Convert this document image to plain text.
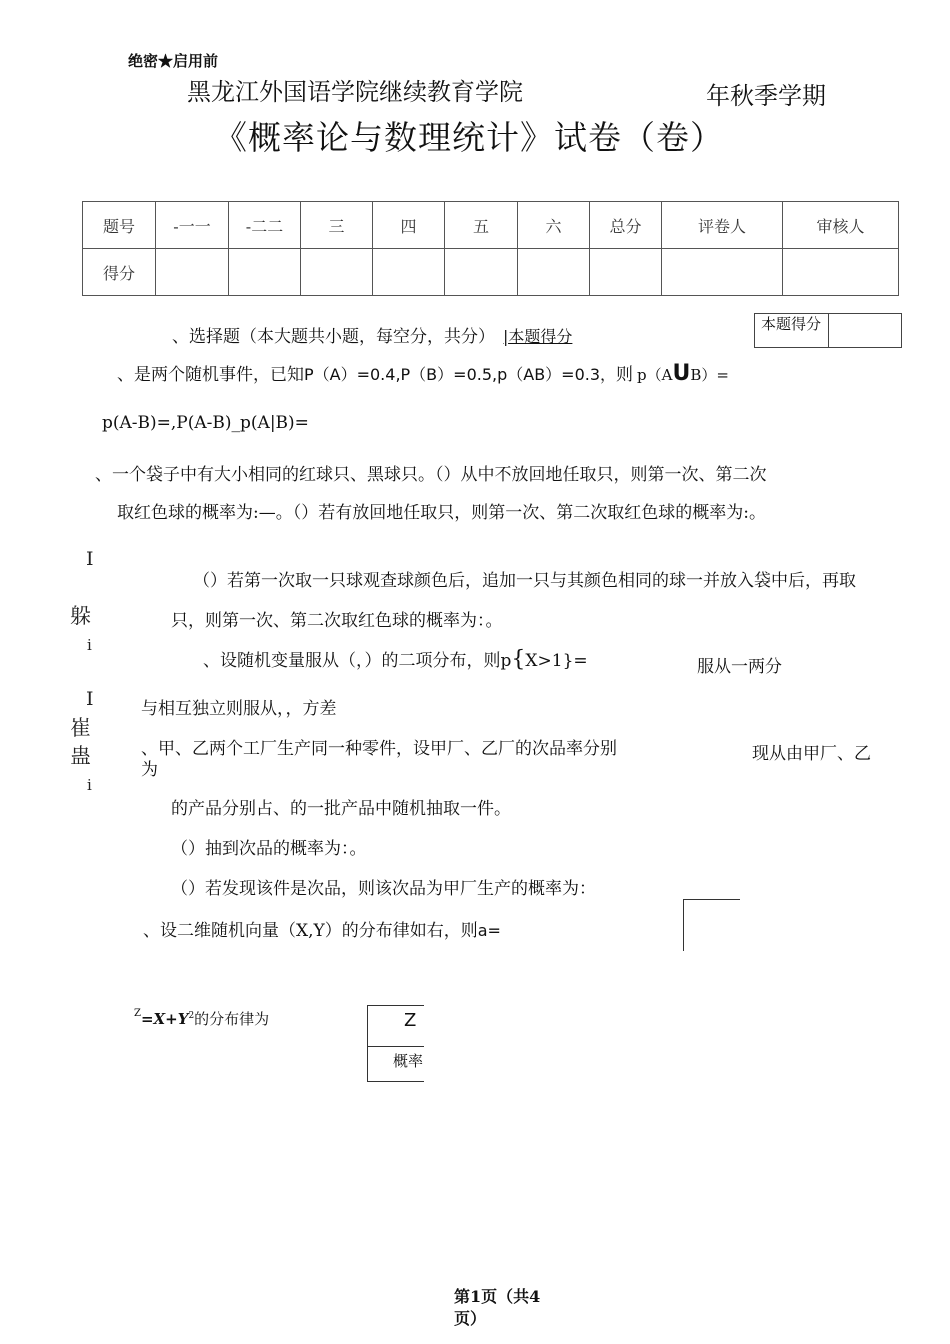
绝密★启用前
黑龙江外国语学院继续教育学院	年秋季学期
《概率论与数理统计》试卷（卷）
题号	-一一	-二二	三	四	五	六	总分	评卷人	审核人
得分									
、选择题（本大题共小题，每空分，共分） |本题得分
本题得分
、是两个随机事件，已知P（A）=0.4,P（B）=0.5,p（AB）=0.3，则 p（AUB）=
p(A-B)=,P(A-B)_p(A|B)=
、一个袋子中有大小相同的红球只、黑球只。（）从中不放回地任取只，则第一次、第二次
取红色球的概率为:—。（）若有放回地任取只，则第一次、第二次取红色球的概率为:。
（）若第一次取一只球观查球颜色后，追加一只与其颜色相同的球一并放入袋中后，再取
只，则第一次、第二次取红色球的概率为：。
、设随机变量服从（，）的二项分布，则p{X>1}=	服从一两分
与相互独立则服从，，方差
、甲、乙两个工厂生产同一种零件，设甲厂、乙厂的次品率分别
为
现从由甲厂、乙
的产品分别占、的一批产品中随机抽取一件。
（）抽到次品的概率为：。
（）若发现该件是次品，则该次品为甲厂生产的概率为：
、设二维随机向量（X,Y）的分布律如右，则a=
$^Z=X+Y^2$的分布律为	Z
概率
I
躲
i
I
崔
蛊
i
第1页（共4页）
